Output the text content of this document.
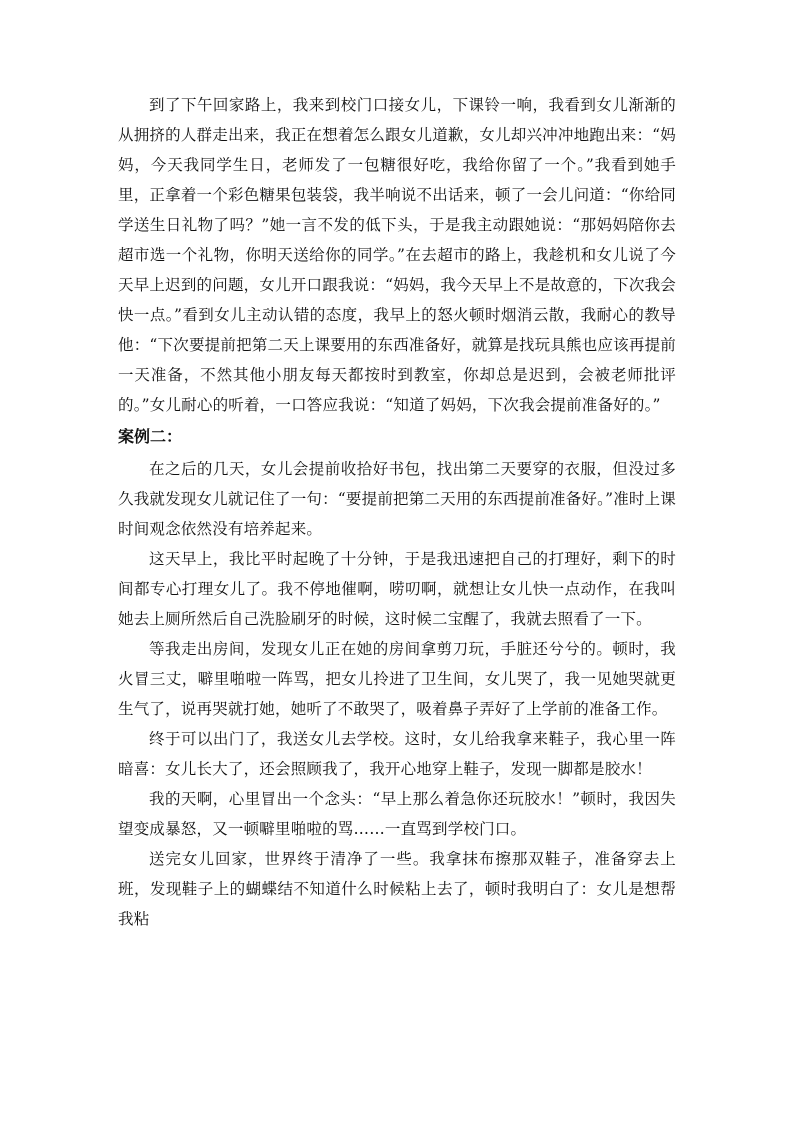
到了下午回家路上，我来到校门口接女儿，下课铃一响，我看到女儿渐渐的从拥挤的人群走出来，我正在想着怎么跟女儿道歉，女儿却兴冲冲地跑出来：“妈妈，今天我同学生日，老师发了一包糖很好吃，我给你留了一个。”我看到她手里，正拿着一个彩色糖果包装袋，我半响说不出话来，顿了一会儿问道：“你给同学送生日礼物了吗？”她一言不发的低下头，于是我主动跟她说：“那妈妈陪你去超市选一个礼物，你明天送给你的同学。”在去超市的路上，我趁机和女儿说了今天早上迟到的问题，女儿开口跟我说：“妈妈，我今天早上不是故意的，下次我会快一点。”看到女儿主动认错的态度，我早上的怒火顿时烟消云散，我耐心的教导他：“下次要提前把第二天上课要用的东西准备好，就算是找玩具熊也应该再提前一天准备，不然其他小朋友每天都按时到教室，你却总是迟到，会被老师批评的。”女儿耐心的听着，一口答应我说：“知道了妈妈，下次我会提前准备好的。”

案例二：

在之后的几天，女儿会提前收拾好书包，找出第二天要穿的衣服，但没过多久我就发现女儿就记住了一句：“要提前把第二天用的东西提前准备好。”准时上课时间观念依然没有培养起来。

这天早上，我比平时起晚了十分钟，于是我迅速把自己的打理好，剩下的时间都专心打理女儿了。我不停地催啊，唠叨啊，就想让女儿快一点动作，在我叫她去上厕所然后自己洗脸刷牙的时候，这时候二宝醒了，我就去照看了一下。

等我走出房间，发现女儿正在她的房间拿剪刀玩，手脏还兮兮的。顿时，我火冒三丈，噼里啪啦一阵骂，把女儿拎进了卫生间，女儿哭了，我一见她哭就更生气了，说再哭就打她，她听了不敢哭了，吸着鼻子弄好了上学前的准备工作。

终于可以出门了，我送女儿去学校。这时，女儿给我拿来鞋子，我心里一阵暗喜：女儿长大了，还会照顾我了，我开心地穿上鞋子，发现一脚都是胶水！

我的天啊，心里冒出一个念头：“早上那么着急你还玩胶水！”顿时，我因失望变成暴怒，又一顿噼里啪啦的骂……一直骂到学校门口。

送完女儿回家，世界终于清净了一些。我拿抹布擦那双鞋子，准备穿去上班，发现鞋子上的蝴蝶结不知道什么时候粘上去了，顿时我明白了：女儿是想帮我粘
